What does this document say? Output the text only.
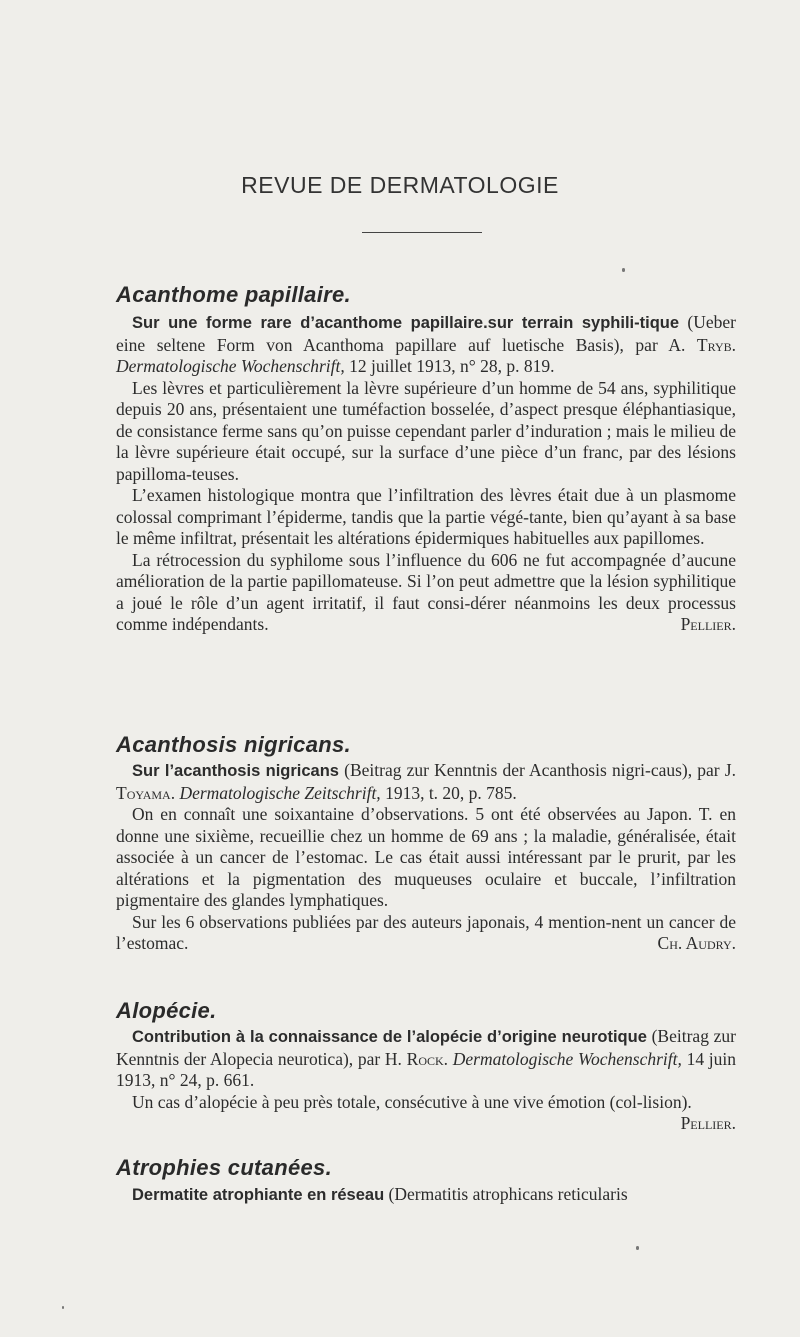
REVUE DE DERMATOLOGIE
Acanthome papillaire.

Sur une forme rare d’acanthome papillaire.sur terrain syphili-tique (Ueber eine seltene Form von Acanthoma papillare auf luetische Basis), par A. Tryb. Dermatologische Wochenschrift, 12 juillet 1913, n° 28, p. 819.

Les lèvres et particulièrement la lèvre supérieure d’un homme de 54 ans, syphilitique depuis 20 ans, présentaient une tuméfaction bosselée, d’aspect presque éléphantiasique, de consistance ferme sans qu’on puisse cependant parler d’induration ; mais le milieu de la lèvre supérieure était occupé, sur la surface d’une pièce d’un franc, par des lésions papilloma-teuses.

L’examen histologique montra que l’infiltration des lèvres était due à un plasmome colossal comprimant l’épiderme, tandis que la partie végé-tante, bien qu’ayant à sa base le même infiltrat, présentait les altérations épidermiques habituelles aux papillomes.

La rétrocession du syphilome sous l’influence du 606 ne fut accompagnée d’aucune amélioration de la partie papillomateuse. Si l’on peut admettre que la lésion syphilitique a joué le rôle d’un agent irritatif, il faut consi-dérer néanmoins les deux processus comme indépendants.	Pellier.

Acanthosis nigricans.

Sur l’acanthosis nigricans (Beitrag zur Kenntnis der Acanthosis nigri-caus), par J. Toyama. Dermatologische Zeitschrift, 1913, t. 20, p. 785.

On en connaît une soixantaine d’observations. 5 ont été observées au Japon. T. en donne une sixième, recueillie chez un homme de 69 ans ; la maladie, généralisée, était associée à un cancer de l’estomac. Le cas était aussi intéressant par le prurit, par les altérations et la pigmentation des muqueuses oculaire et buccale, l’infiltration pigmentaire des glandes lymphatiques.

Sur les 6 observations publiées par des auteurs japonais, 4 mention-nent un cancer de l’estomac.	Ch. Audry.

Alopécie.

Contribution à la connaissance de l’alopécie d’origine neurotique (Beitrag zur Kenntnis der Alopecia neurotica), par H. Rock. Dermatologische Wochenschrift, 14 juin 1913, n° 24, p. 661.

Un cas d’alopécie à peu près totale, consécutive à une vive émotion (col-lision).
Pellier.

Atrophies cutanées.

Dermatite atrophiante en réseau (Dermatitis atrophicans reticularis
